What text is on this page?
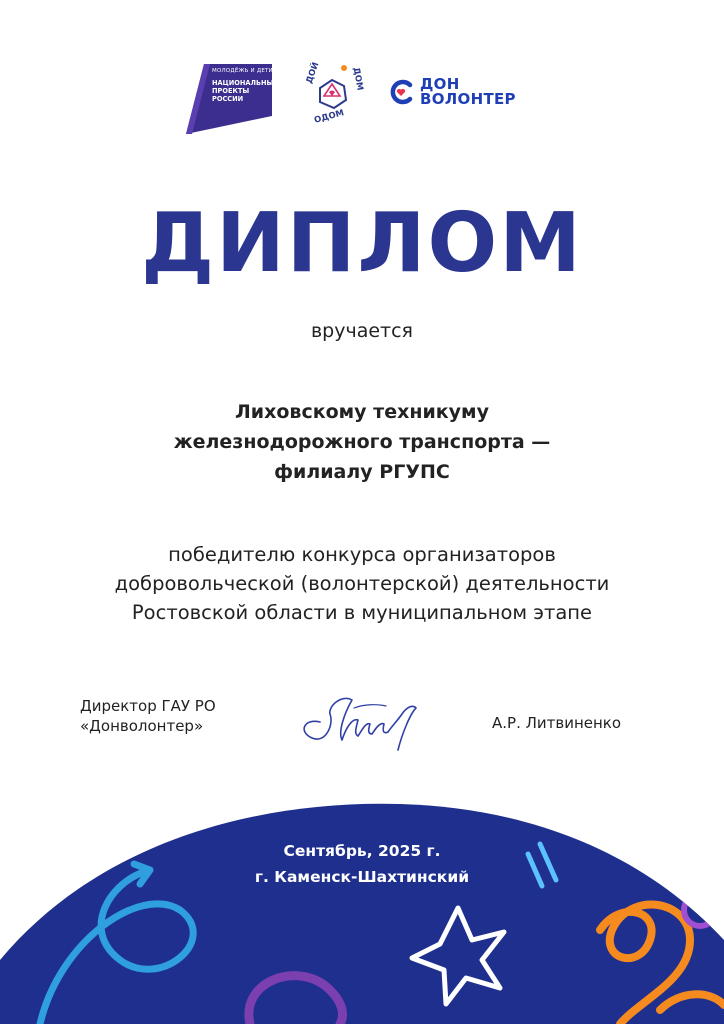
МОЛОДЁЖЬ И ДЕТИ
НАЦИОНАЛЬНЫЕ
ПРОЕКТЫ
РОССИИ
ДОЙ	ДОМ
ОДОМ
ДОН
ВОЛОНТЕР
ДИПЛОМ
вручается
Лиховскому техникуму
железнодорожного транспорта —
филиалу РГУПС
победителю конкурса организаторов
добровольческой (волонтерской) деятельности
Ростовской области в муниципальном этапе
Директор ГАУ РО
«Донволонтер»	А.Р. Литвиненко
Сентябрь, 2025 г.
г. Каменск-Шахтинский
